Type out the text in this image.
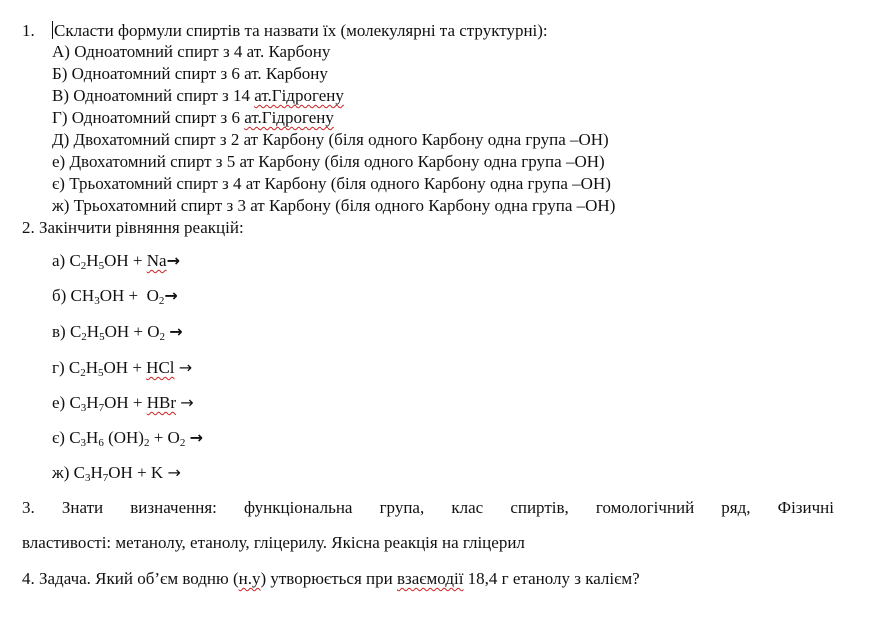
1. Скласти формули спиртів та назвати їх (молекулярні та структурні):
А) Одноатомний спирт з 4 ат. Карбону
Б) Одноатомний спирт з 6 ат. Карбону
В) Одноатомний спирт з 14 ат.Гідрогену
Г) Одноатомний спирт з 6 ат.Гідрогену
Д) Двохатомний спирт з 2 ат Карбону (біля одного Карбону одна група –ОН)
е) Двохатомний спирт з 5 ат Карбону (біля одного Карбону одна група –ОН)
є) Трьохатомний спирт з 4 ат Карбону (біля одного Карбону одна група –ОН)
ж) Трьохатомний спирт з 3 ат Карбону (біля одного Карбону одна група –ОН)
2. Закінчити рівняння реакцій:
а) $C_2H_5OH + Na\to$
б) $CH_3OH + O_2\to$
в) $C_2H_5OH + O_2$ →
г) $C_2H_5OH$ + HCl →
е) $C_3H_7OH$ + HBr →
є) $C_3H_6$ $(OH)_2 + O_2$ →
ж) $C_3H_7OH + K$ →
3. Знати визначення: функціональна група, клас спиртів, гомологічний ряд, Фізичні
властивості: метанолу, етанолу, гліцерилу. Якісна реакція на гліцерил
4. Задача. Який об’єм водню (н.у) утворюється при взаємодії 18,4 г етанолу з калієм?
